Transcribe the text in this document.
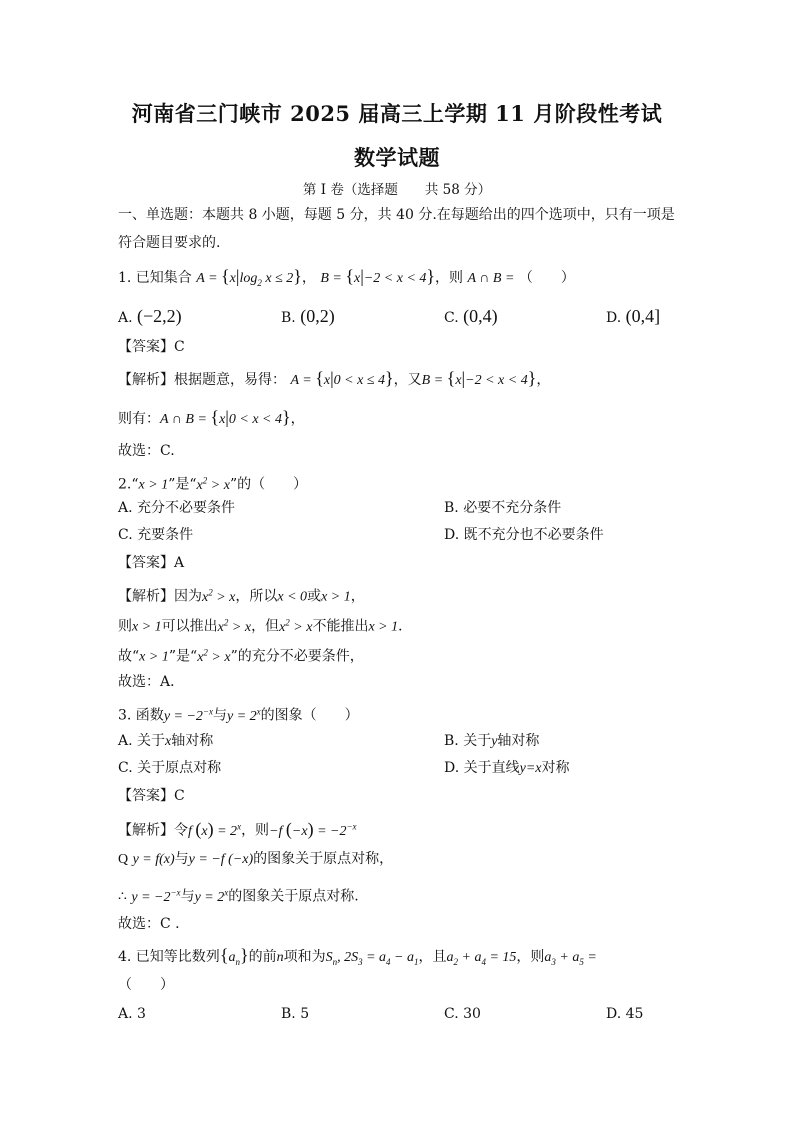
河南省三门峡市 2025 届高三上学期 11 月阶段性考试
数学试题
第 I 卷（选择题　　共 58 分）
一、单选题：本题共 8 小题，每题 5 分，共 40 分.在每题给出的四个选项中，只有一项是
符合题目要求的.
1. 已知集合 $A = \{x|\log_2$ x ≤ 2}， B = {x|−2 < x < 4}，则 A ∩ B = （　　）
A. (−2,2)	B. (0,2)	C. (0,4)	D. (0,4]
【答案】C
【解析】根据题意，易得： A = {x|0 < x ≤ 4}，又B = {x|−2 < x < 4}，
则有：A ∩ B = {x|0 < x < 4}，
故选：C.
2.“x > 1”是“$x^2 > x$”的（　　）
A. 充分不必要条件	B. 必要不充分条件
C. 充要条件	D. 既不充分也不必要条件
【答案】A
【解析】因为$x^2 > x$，所以x < 0或x > 1，
则x > 1可以推出$x^2 > x$，但$x^2 > x$不能推出x > 1．
故“x > 1”是“$x^2 > x$”的充分不必要条件，
故选：A．
3. 函数$y = -2^{-x}$与$y = 2^x$的图象（　　）
A. 关于x轴对称	B. 关于y轴对称
C. 关于原点对称	D. 关于直线y=x对称
【答案】C
【解析】令f $(x) = 2^x$，则−f $(-x) = -2^{-x}$
Q y = f(x)与y = −f (−x)的图象关于原点对称，
∴ $y = -2^{-x}$与$y = 2^x$的图象关于原点对称.
故选：C .
4. 已知等比数列$\{a_n\}$的前n项和为$S_n$, $2S_3 = a_4 - a_1$，且$a_2 + a_4 = 15$，则$a_3 + a_5$ =
（　　）
A. 3	B. 5	C. 30	D. 45
